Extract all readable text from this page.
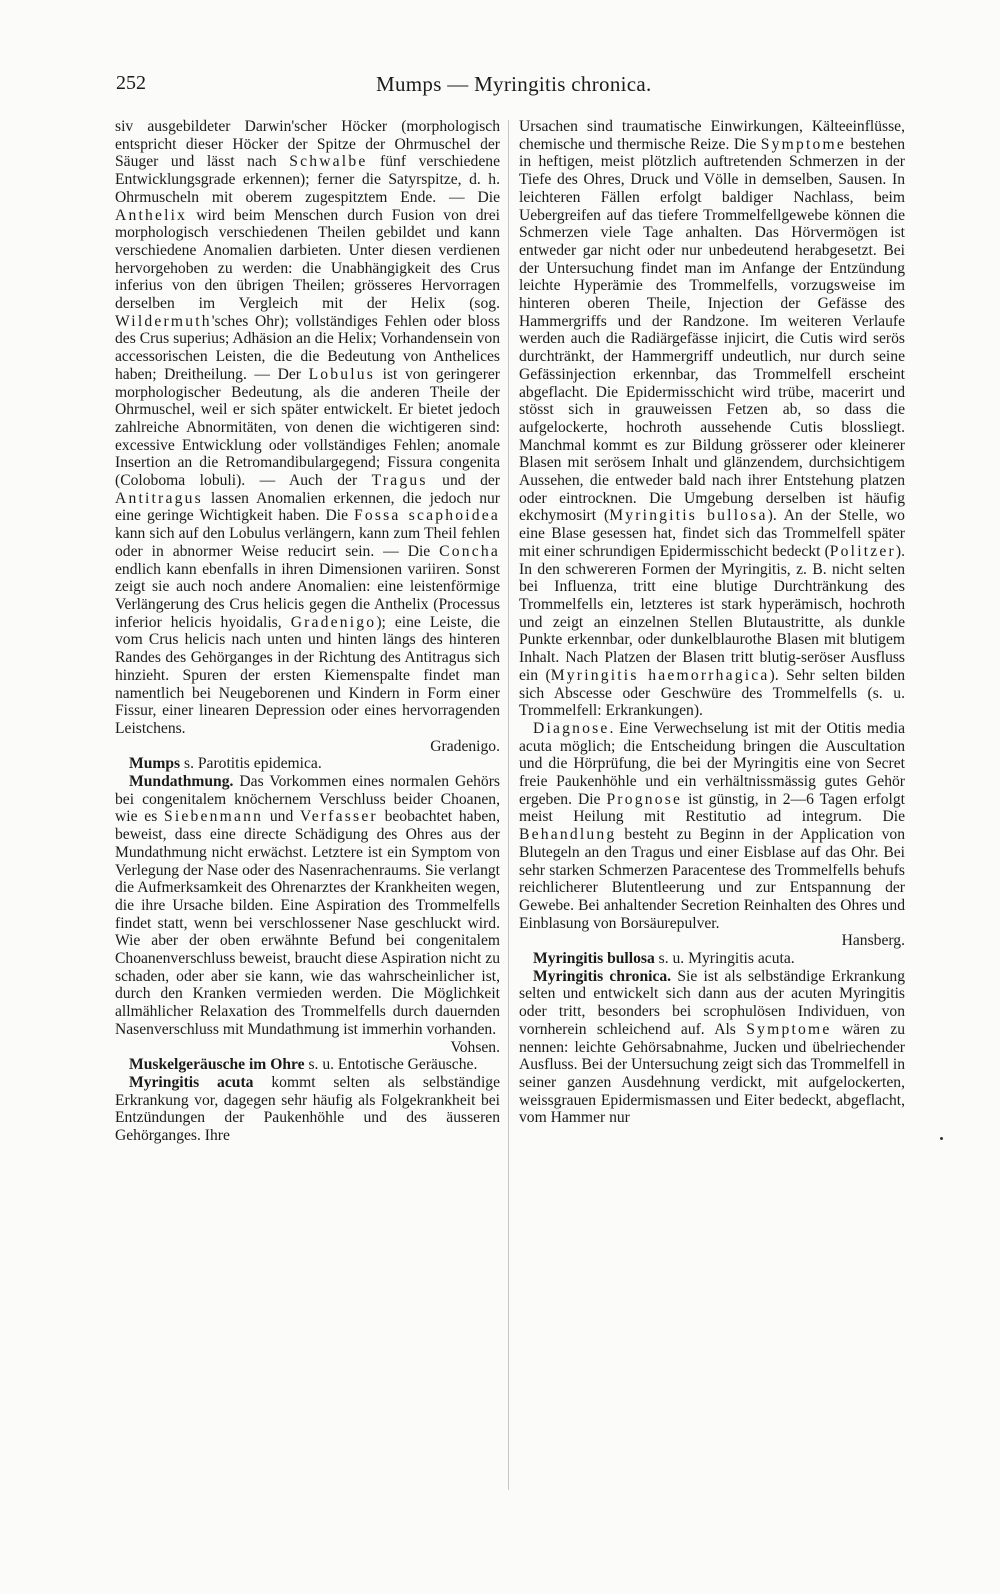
252	Mumps — Myringitis chronica.

siv ausgebildeter Darwin'scher Höcker (morphologisch entspricht dieser Höcker der Spitze der Ohrmuschel der Säuger und lässt nach Schwalbe fünf verschiedene Entwicklungsgrade erkennen); ferner die Satyrspitze, d. h. Ohrmuscheln mit oberem zugespitztem Ende. — Die Anthelix wird beim Menschen durch Fusion von drei morphologisch verschiedenen Theilen gebildet und kann verschiedene Anomalien darbieten. Unter diesen verdienen hervorgehoben zu werden: die Unabhängigkeit des Crus inferius von den übrigen Theilen; grösseres Hervorragen derselben im Vergleich mit der Helix (sog. Wildermuth'sches Ohr); vollständiges Fehlen oder bloss des Crus superius; Adhäsion an die Helix; Vorhandensein von accessorischen Leisten, die die Bedeutung von Anthelices haben; Dreitheilung. — Der Lobulus ist von geringerer morphologischer Bedeutung, als die anderen Theile der Ohrmuschel, weil er sich später entwickelt. Er bietet jedoch zahlreiche Abnormitäten, von denen die wichtigeren sind: excessive Entwicklung oder vollständiges Fehlen; anomale Insertion an die Retromandibulargegend; Fissura congenita (Coloboma lobuli). — Auch der Tragus und der Antitragus lassen Anomalien erkennen, die jedoch nur eine geringe Wichtigkeit haben. Die Fossa scaphoidea kann sich auf den Lobulus verlängern, kann zum Theil fehlen oder in abnormer Weise reducirt sein. — Die Concha endlich kann ebenfalls in ihren Dimensionen variiren. Sonst zeigt sie auch noch andere Anomalien: eine leistenförmige Verlängerung des Crus helicis gegen die Anthelix (Processus inferior helicis hyoidalis, Gradenigo); eine Leiste, die vom Crus helicis nach unten und hinten längs des hinteren Randes des Gehörganges in der Richtung des Antitragus sich hinzieht. Spuren der ersten Kiemenspalte findet man namentlich bei Neugeborenen und Kindern in Form einer Fissur, einer linearen Depression oder eines hervorragenden Leistchens.
Gradenigo.

Mumps s. Parotitis epidemica.

Mundathmung. Das Vorkommen eines normalen Gehörs bei congenitalem knöchernem Verschluss beider Choanen, wie es Siebenmann und Verfasser beobachtet haben, beweist, dass eine directe Schädigung des Ohres aus der Mundathmung nicht erwächst. Letztere ist ein Symptom von Verlegung der Nase oder des Nasenrachenraums. Sie verlangt die Aufmerksamkeit des Ohrenarztes der Krankheiten wegen, die ihre Ursache bilden. Eine Aspiration des Trommelfells findet statt, wenn bei verschlossener Nase geschluckt wird. Wie aber der oben erwähnte Befund bei congenitalem Choanenverschluss beweist, braucht diese Aspiration nicht zu schaden, oder aber sie kann, wie das wahrscheinlicher ist, durch den Kranken vermieden werden. Die Möglichkeit allmählicher Relaxation des Trommelfells durch dauernden Nasenverschluss mit Mundathmung ist immerhin vorhanden.
Vohsen.

Muskelgeräusche im Ohre s. u. Entotische Geräusche.

Myringitis acuta kommt selten als selbständige Erkrankung vor, dagegen sehr häufig als Folgekrankheit bei Entzündungen der Paukenhöhle und des äusseren Gehörganges. Ihre

Ursachen sind traumatische Einwirkungen, Kälteeinflüsse, chemische und thermische Reize. Die Symptome bestehen in heftigen, meist plötzlich auftretenden Schmerzen in der Tiefe des Ohres, Druck und Völle in demselben, Sausen. In leichteren Fällen erfolgt baldiger Nachlass, beim Uebergreifen auf das tiefere Trommelfellgewebe können die Schmerzen viele Tage anhalten. Das Hörvermögen ist entweder gar nicht oder nur unbedeutend herabgesetzt. Bei der Untersuchung findet man im Anfange der Entzündung leichte Hyperämie des Trommelfells, vorzugsweise im hinteren oberen Theile, Injection der Gefässe des Hammergriffs und der Randzone. Im weiteren Verlaufe werden auch die Radiärgefässe injicirt, die Cutis wird serös durchtränkt, der Hammergriff undeutlich, nur durch seine Gefässinjection erkennbar, das Trommelfell erscheint abgeflacht. Die Epidermisschicht wird trübe, macerirt und stösst sich in grauweissen Fetzen ab, so dass die aufgelockerte, hochroth aussehende Cutis blossliegt. Manchmal kommt es zur Bildung grösserer oder kleinerer Blasen mit serösem Inhalt und glänzendem, durchsichtigem Aussehen, die entweder bald nach ihrer Entstehung platzen oder eintrocknen. Die Umgebung derselben ist häufig ekchymosirt (Myringitis bullosa). An der Stelle, wo eine Blase gesessen hat, findet sich das Trommelfell später mit einer schrundigen Epidermisschicht bedeckt (Politzer). In den schwereren Formen der Myringitis, z. B. nicht selten bei Influenza, tritt eine blutige Durchtränkung des Trommelfells ein, letzteres ist stark hyperämisch, hochroth und zeigt an einzelnen Stellen Blutaustritte, als dunkle Punkte erkennbar, oder dunkelblaurothe Blasen mit blutigem Inhalt. Nach Platzen der Blasen tritt blutig-seröser Ausfluss ein (Myringitis haemorrhagica). Sehr selten bilden sich Abscesse oder Geschwüre des Trommelfells (s. u. Trommelfell: Erkrankungen).

Diagnose. Eine Verwechselung ist mit der Otitis media acuta möglich; die Entscheidung bringen die Auscultation und die Hörprüfung, die bei der Myringitis eine von Secret freie Paukenhöhle und ein verhältnissmässig gutes Gehör ergeben. Die Prognose ist günstig, in 2—6 Tagen erfolgt meist Heilung mit Restitutio ad integrum. Die Behandlung besteht zu Beginn in der Application von Blutegeln an den Tragus und einer Eisblase auf das Ohr. Bei sehr starken Schmerzen Paracentese des Trommelfells behufs reichlicherer Blutentleerung und zur Entspannung der Gewebe. Bei anhaltender Secretion Reinhalten des Ohres und Einblasung von Borsäurepulver.
Hansberg.

Myringitis bullosa s. u. Myringitis acuta.

Myringitis chronica. Sie ist als selbständige Erkrankung selten und entwickelt sich dann aus der acuten Myringitis oder tritt, besonders bei scrophulösen Individuen, von vornherein schleichend auf. Als Symptome wären zu nennen: leichte Gehörsabnahme, Jucken und übelriechender Ausfluss. Bei der Untersuchung zeigt sich das Trommelfell in seiner ganzen Ausdehnung verdickt, mit aufgelockerten, weissgrauen Epidermismassen und Eiter bedeckt, abgeflacht, vom Hammer nur
